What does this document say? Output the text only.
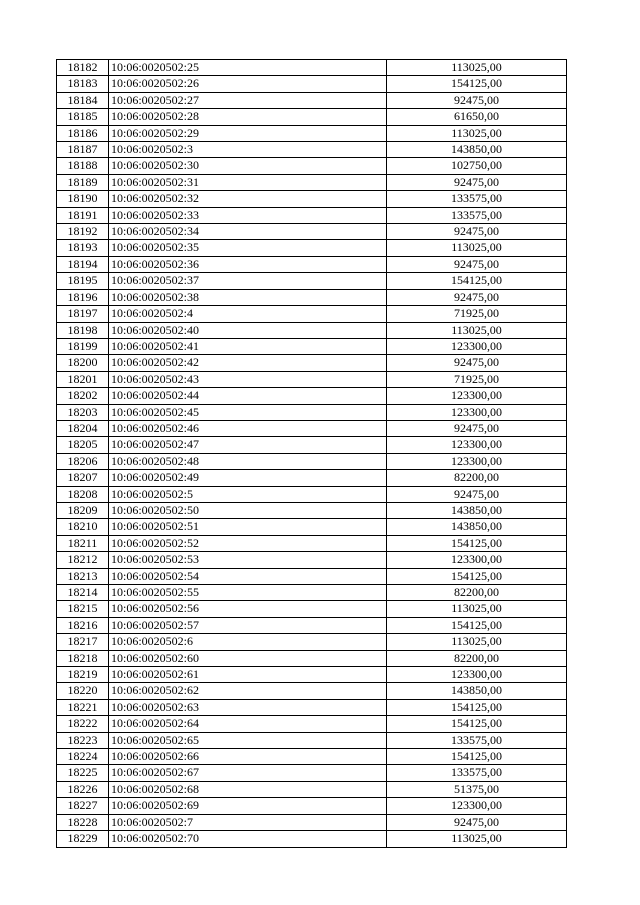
18182	10:06:0020502:25	113025,00
18183	10:06:0020502:26	154125,00
18184	10:06:0020502:27	92475,00
18185	10:06:0020502:28	61650,00
18186	10:06:0020502:29	113025,00
18187	10:06:0020502:3	143850,00
18188	10:06:0020502:30	102750,00
18189	10:06:0020502:31	92475,00
18190	10:06:0020502:32	133575,00
18191	10:06:0020502:33	133575,00
18192	10:06:0020502:34	92475,00
18193	10:06:0020502:35	113025,00
18194	10:06:0020502:36	92475,00
18195	10:06:0020502:37	154125,00
18196	10:06:0020502:38	92475,00
18197	10:06:0020502:4	71925,00
18198	10:06:0020502:40	113025,00
18199	10:06:0020502:41	123300,00
18200	10:06:0020502:42	92475,00
18201	10:06:0020502:43	71925,00
18202	10:06:0020502:44	123300,00
18203	10:06:0020502:45	123300,00
18204	10:06:0020502:46	92475,00
18205	10:06:0020502:47	123300,00
18206	10:06:0020502:48	123300,00
18207	10:06:0020502:49	82200,00
18208	10:06:0020502:5	92475,00
18209	10:06:0020502:50	143850,00
18210	10:06:0020502:51	143850,00
18211	10:06:0020502:52	154125,00
18212	10:06:0020502:53	123300,00
18213	10:06:0020502:54	154125,00
18214	10:06:0020502:55	82200,00
18215	10:06:0020502:56	113025,00
18216	10:06:0020502:57	154125,00
18217	10:06:0020502:6	113025,00
18218	10:06:0020502:60	82200,00
18219	10:06:0020502:61	123300,00
18220	10:06:0020502:62	143850,00
18221	10:06:0020502:63	154125,00
18222	10:06:0020502:64	154125,00
18223	10:06:0020502:65	133575,00
18224	10:06:0020502:66	154125,00
18225	10:06:0020502:67	133575,00
18226	10:06:0020502:68	51375,00
18227	10:06:0020502:69	123300,00
18228	10:06:0020502:7	92475,00
18229	10:06:0020502:70	113025,00
